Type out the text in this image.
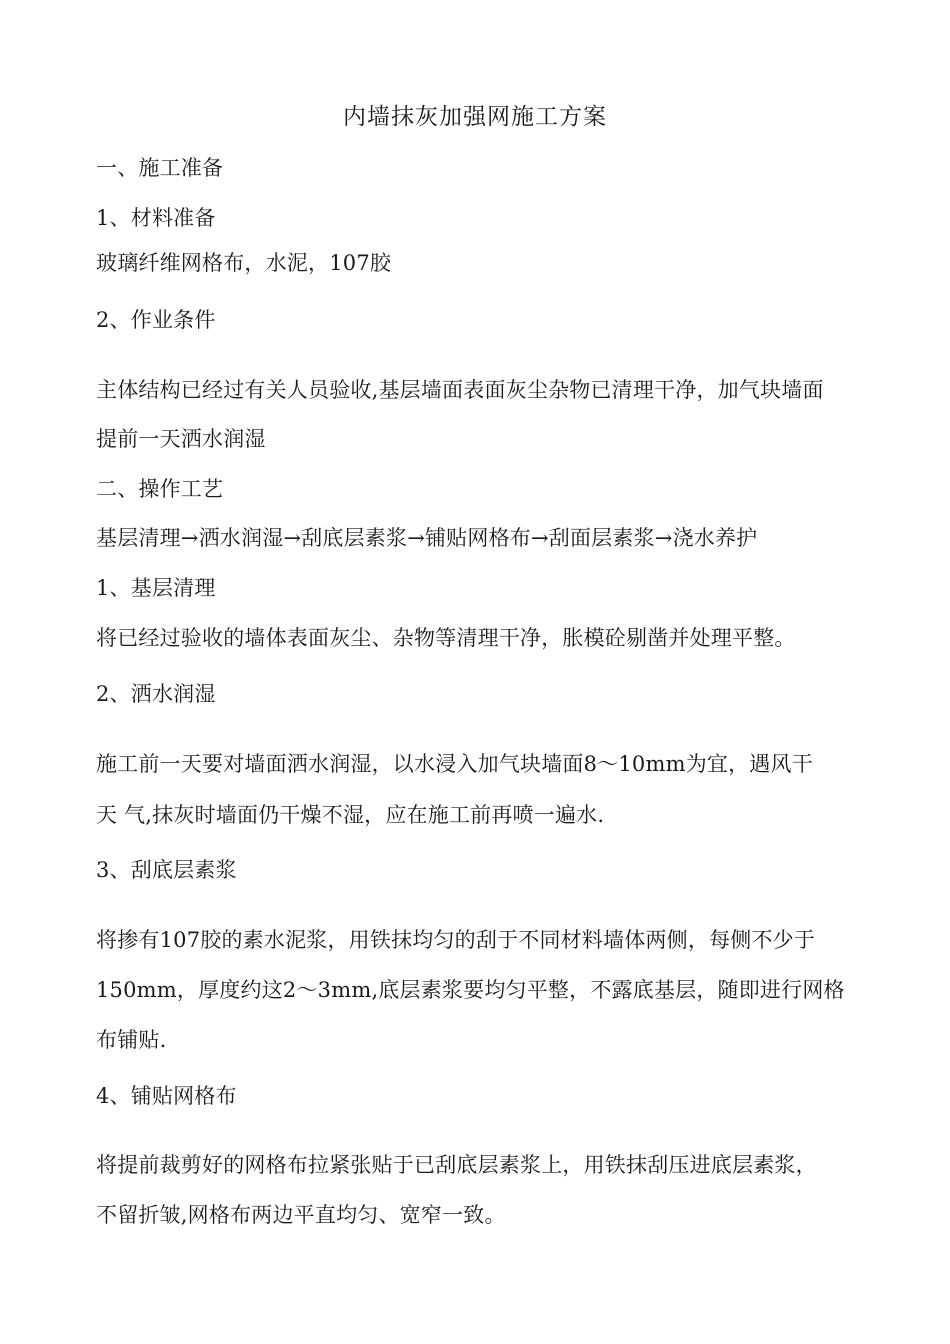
内墙抹灰加强网施工方案
一、施工准备
1、材料准备
玻璃纤维网格布，水泥，107胶
2、作业条件
主体结构已经过有关人员验收,基层墙面表面灰尘杂物已清理干净，加气块墙面
提前一天洒水润湿
二、操作工艺
基层清理→洒水润湿→刮底层素浆→铺贴网格布→刮面层素浆→浇水养护
1、基层清理
将已经过验收的墙体表面灰尘、杂物等清理干净，胀模砼剔凿并处理平整。
2、洒水润湿
施工前一天要对墙面洒水润湿，以水浸入加气块墙面8～10mm为宜，遇风干
天 气,抹灰时墙面仍干燥不湿，应在施工前再喷一遍水.
3、刮底层素浆
将掺有107胶的素水泥浆，用铁抹均匀的刮于不同材料墙体两侧，每侧不少于
150mm，厚度约这2～3mm,底层素浆要均匀平整，不露底基层，随即进行网格
布铺贴.
4、铺贴网格布
将提前裁剪好的网格布拉紧张贴于已刮底层素浆上，用铁抹刮压进底层素浆，
不留折皱,网格布两边平直均匀、宽窄一致。
